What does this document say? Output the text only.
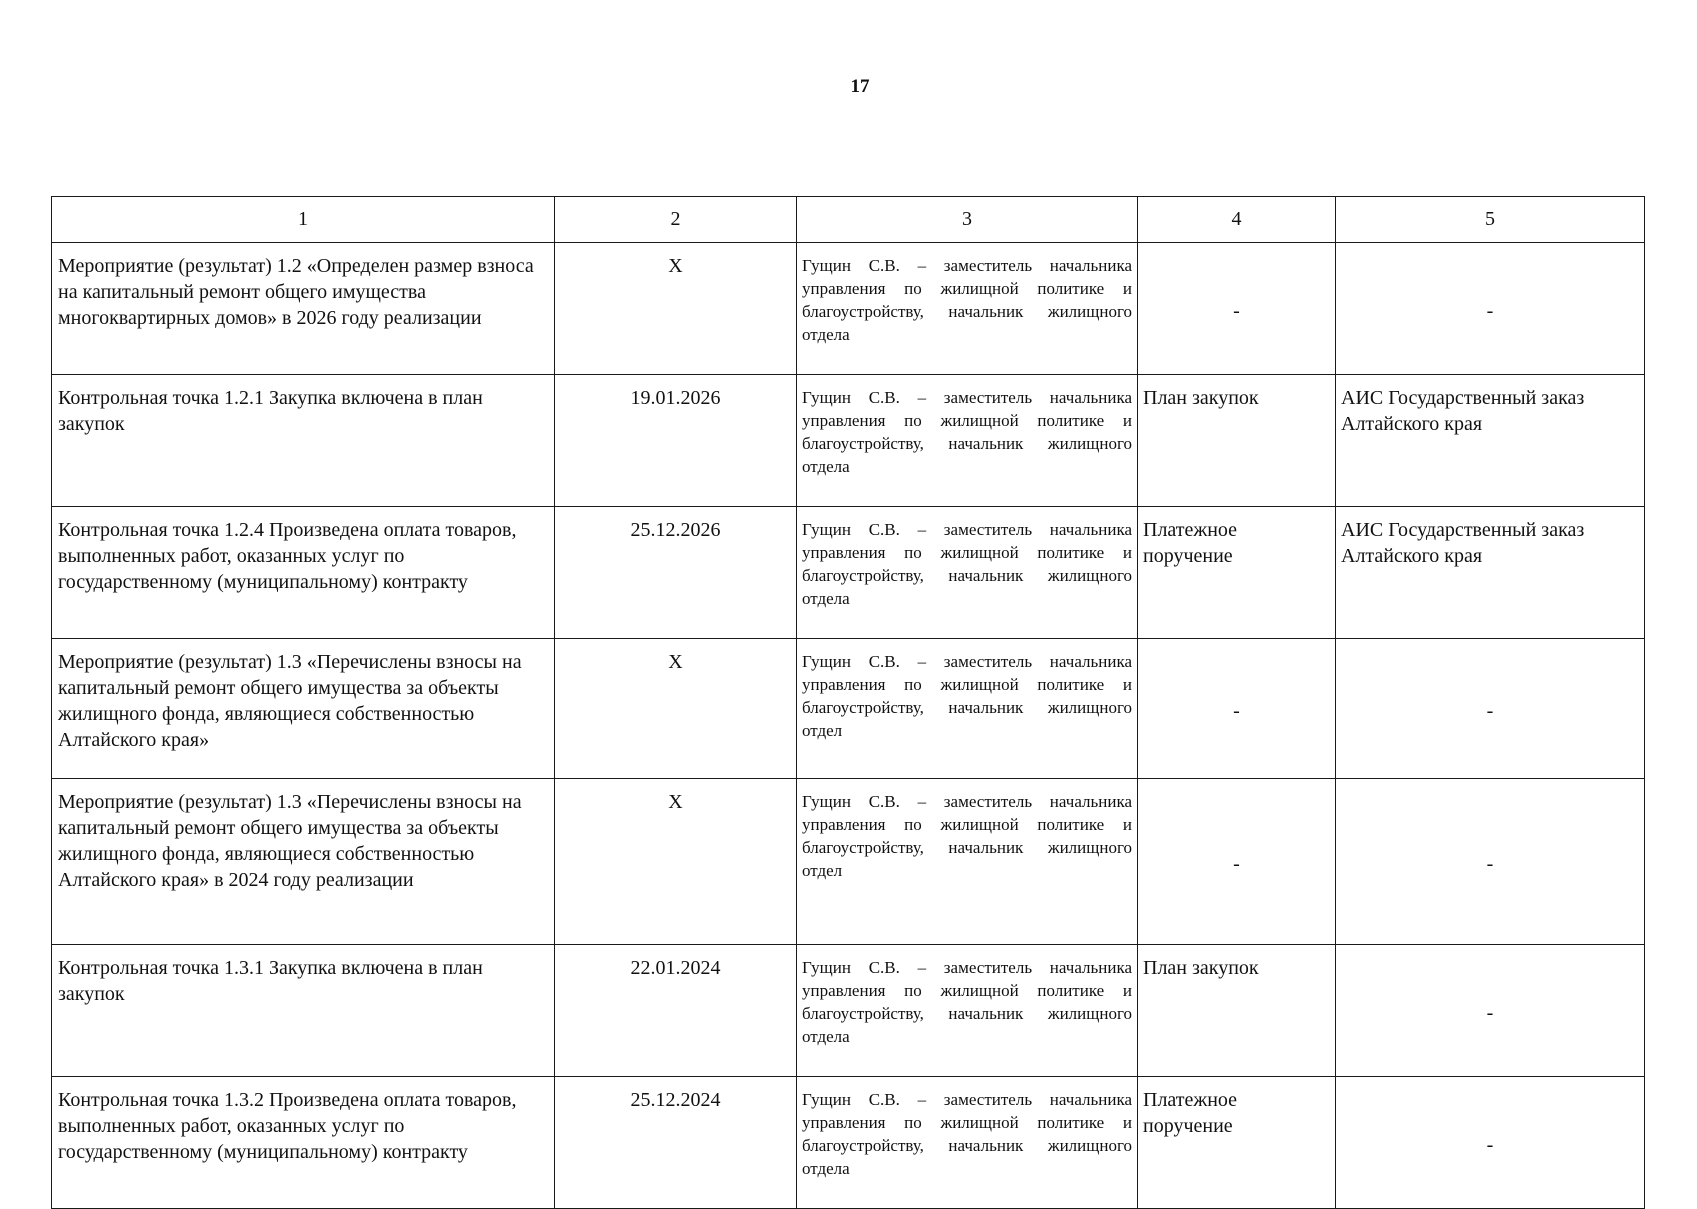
17
1	2	3	4	5
Мероприятие (результат) 1.2 «Определен размер взноса на капитальный ремонт общего имущества многоквартирных домов» в 2026 году реализации	X	Гущин С.В. – заместитель начальника управления по жилищной политике и благоустройству, начальник жилищного отдела	-	-
Контрольная точка 1.2.1 Закупка включена в план закупок	19.01.2026	Гущин С.В. – заместитель начальника управления по жилищной политике и благоустройству, начальник жилищного отдела	План закупок	АИС Государственный заказ Алтайского края
Контрольная точка 1.2.4 Произведена оплата товаров, выполненных работ, оказанных услуг по государственному (муниципальному) контракту	25.12.2026	Гущин С.В. – заместитель начальника управления по жилищной политике и благоустройству, начальник жилищного отдела	Платежное поручение	АИС Государственный заказ Алтайского края
Мероприятие (результат) 1.3 «Перечислены взносы на капитальный ремонт общего имущества за объекты жилищного фонда, являющиеся собственностью Алтайского края»	X	Гущин С.В. – заместитель начальника управления по жилищной политике и благоустройству, начальник жилищного отдел	-	-
Мероприятие (результат) 1.3 «Перечислены взносы на капитальный ремонт общего имущества за объекты жилищного фонда, являющиеся собственностью Алтайского края» в 2024 году реализации	X	Гущин С.В. – заместитель начальника управления по жилищной политике и благоустройству, начальник жилищного отдел	-	-
Контрольная точка 1.3.1 Закупка включена в план закупок	22.01.2024	Гущин С.В. – заместитель начальника управления по жилищной политике и благоустройству, начальник жилищного отдела	План закупок	-
Контрольная точка 1.3.2 Произведена оплата товаров, выполненных работ, оказанных услуг по государственному (муниципальному) контракту	25.12.2024	Гущин С.В. – заместитель начальника управления по жилищной политике и благоустройству, начальник жилищного отдела	Платежное поручение	-
